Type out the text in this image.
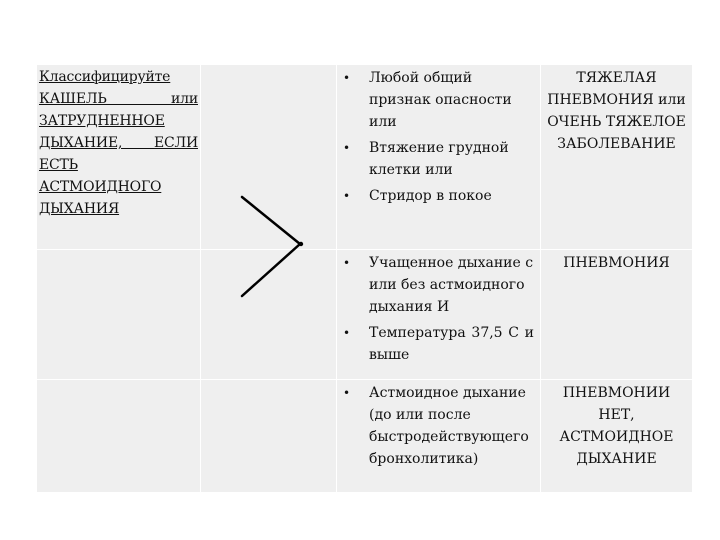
Классифицируйте
КАШЕЛЬ или
ЗАТРУДНЕННОЕ
ДЫХАНИЕ, ЕСЛИ
ЕСТЬ
АСТМОИДНОГО
ДЫХАНИЯ
• Любой общий признак опасности или
• Втяжение грудной клетки или
• Стридор в покое
ТЯЖЕЛАЯ
ПНЕВМОНИЯ или
ОЧЕНЬ ТЯЖЕЛОЕ
ЗАБОЛЕВАНИЕ
• Учащенное дыхание с или без астмоидного дыхания И
• Температура 37,5 С и выше
ПНЕВМОНИЯ
• Астмоидное дыхание (до или после быстродействующего бронхолитика)
ПНЕВМОНИИ
НЕТ,
АСТМОИДНОЕ
ДЫХАНИЕ
